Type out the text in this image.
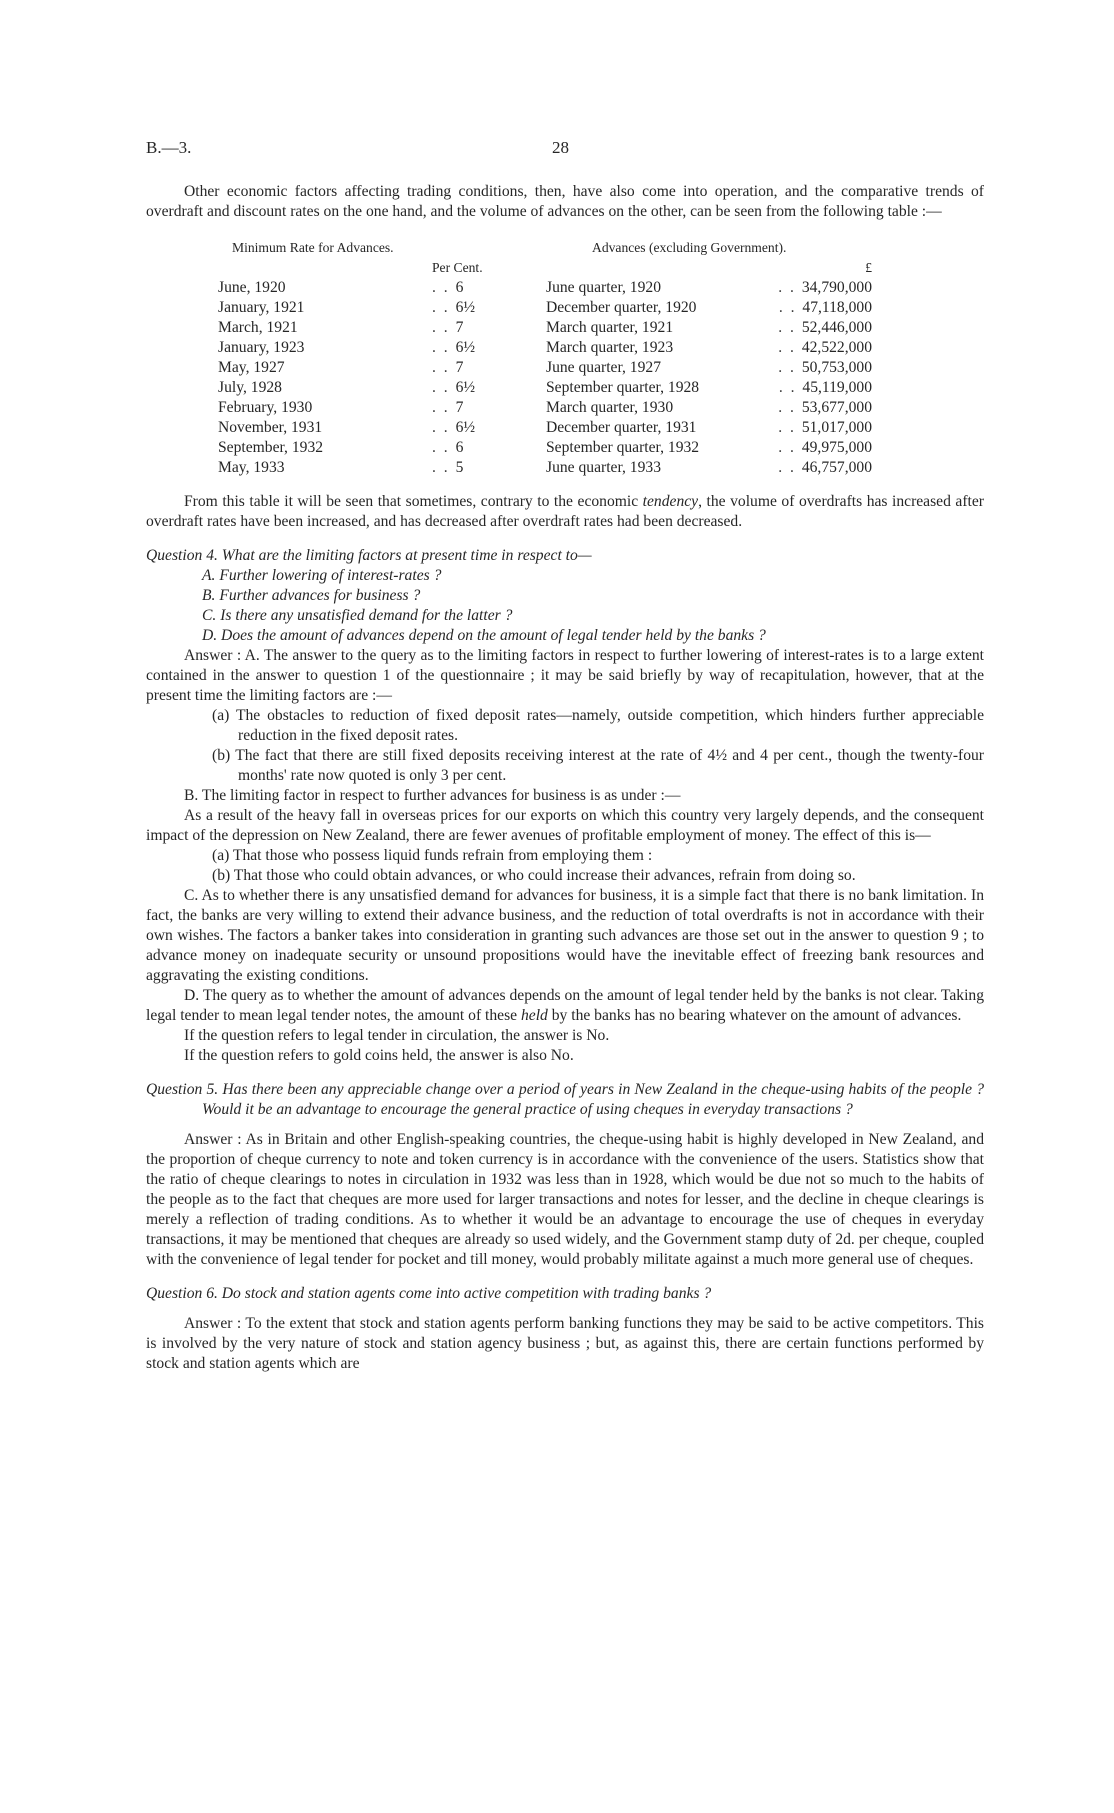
B.—3.	28

Other economic factors affecting trading conditions, then, have also come into operation, and the comparative trends of overdraft and discount rates on the one hand, and the volume of advances on the other, can be seen from the following table :—

Minimum Rate for Advances.		Advances (excluding Government).	
	Per Cent.		£
June, 1920	. . 6	June quarter, 1920	. . 34,790,000
January, 1921	. . 6½	December quarter, 1920	. . 47,118,000
March, 1921	. . 7	March quarter, 1921	. . 52,446,000
January, 1923	. . 6½	March quarter, 1923	. . 42,522,000
May, 1927	. . 7	June quarter, 1927	. . 50,753,000
July, 1928	. . 6½	September quarter, 1928	. . 45,119,000
February, 1930	. . 7	March quarter, 1930	. . 53,677,000
November, 1931	. . 6½	December quarter, 1931	. . 51,017,000
September, 1932	. . 6	September quarter, 1932	. . 49,975,000
May, 1933	. . 5	June quarter, 1933	. . 46,757,000

From this table it will be seen that sometimes, contrary to the economic tendency, the volume of overdrafts has increased after overdraft rates have been increased, and has decreased after overdraft rates had been decreased.

Question 4. What are the limiting factors at present time in respect to—

A. Further lowering of interest-rates ?

B. Further advances for business ?

C. Is there any unsatisfied demand for the latter ?

D. Does the amount of advances depend on the amount of legal tender held by the banks ?

Answer : A. The answer to the query as to the limiting factors in respect to further lowering of interest-rates is to a large extent contained in the answer to question 1 of the questionnaire ; it may be said briefly by way of recapitulation, however, that at the present time the limiting factors are :—

(a) The obstacles to reduction of fixed deposit rates—namely, outside competition, which hinders further appreciable reduction in the fixed deposit rates.

(b) The fact that there are still fixed deposits receiving interest at the rate of 4½ and 4 per cent., though the twenty-four months' rate now quoted is only 3 per cent.

B. The limiting factor in respect to further advances for business is as under :—

As a result of the heavy fall in overseas prices for our exports on which this country very largely depends, and the consequent impact of the depression on New Zealand, there are fewer avenues of profitable employment of money. The effect of this is—

(a) That those who possess liquid funds refrain from employing them :

(b) That those who could obtain advances, or who could increase their advances, refrain from doing so.

C. As to whether there is any unsatisfied demand for advances for business, it is a simple fact that there is no bank limitation. In fact, the banks are very willing to extend their advance business, and the reduction of total overdrafts is not in accordance with their own wishes. The factors a banker takes into consideration in granting such advances are those set out in the answer to question 9 ; to advance money on inadequate security or unsound propositions would have the inevitable effect of freezing bank resources and aggravating the existing conditions.

D. The query as to whether the amount of advances depends on the amount of legal tender held by the banks is not clear. Taking legal tender to mean legal tender notes, the amount of these held by the banks has no bearing whatever on the amount of advances.

If the question refers to legal tender in circulation, the answer is No.

If the question refers to gold coins held, the answer is also No.

Question 5. Has there been any appreciable change over a period of years in New Zealand in the cheque-using habits of the people ? Would it be an advantage to encourage the general practice of using cheques in everyday transactions ?

Answer : As in Britain and other English-speaking countries, the cheque-using habit is highly developed in New Zealand, and the proportion of cheque currency to note and token currency is in accordance with the convenience of the users. Statistics show that the ratio of cheque clearings to notes in circulation in 1932 was less than in 1928, which would be due not so much to the habits of the people as to the fact that cheques are more used for larger transactions and notes for lesser, and the decline in cheque clearings is merely a reflection of trading conditions. As to whether it would be an advantage to encourage the use of cheques in everyday transactions, it may be mentioned that cheques are already so used widely, and the Government stamp duty of 2d. per cheque, coupled with the convenience of legal tender for pocket and till money, would probably militate against a much more general use of cheques.

Question 6. Do stock and station agents come into active competition with trading banks ?

Answer : To the extent that stock and station agents perform banking functions they may be said to be active competitors. This is involved by the very nature of stock and station agency business ; but, as against this, there are certain functions performed by stock and station agents which are
